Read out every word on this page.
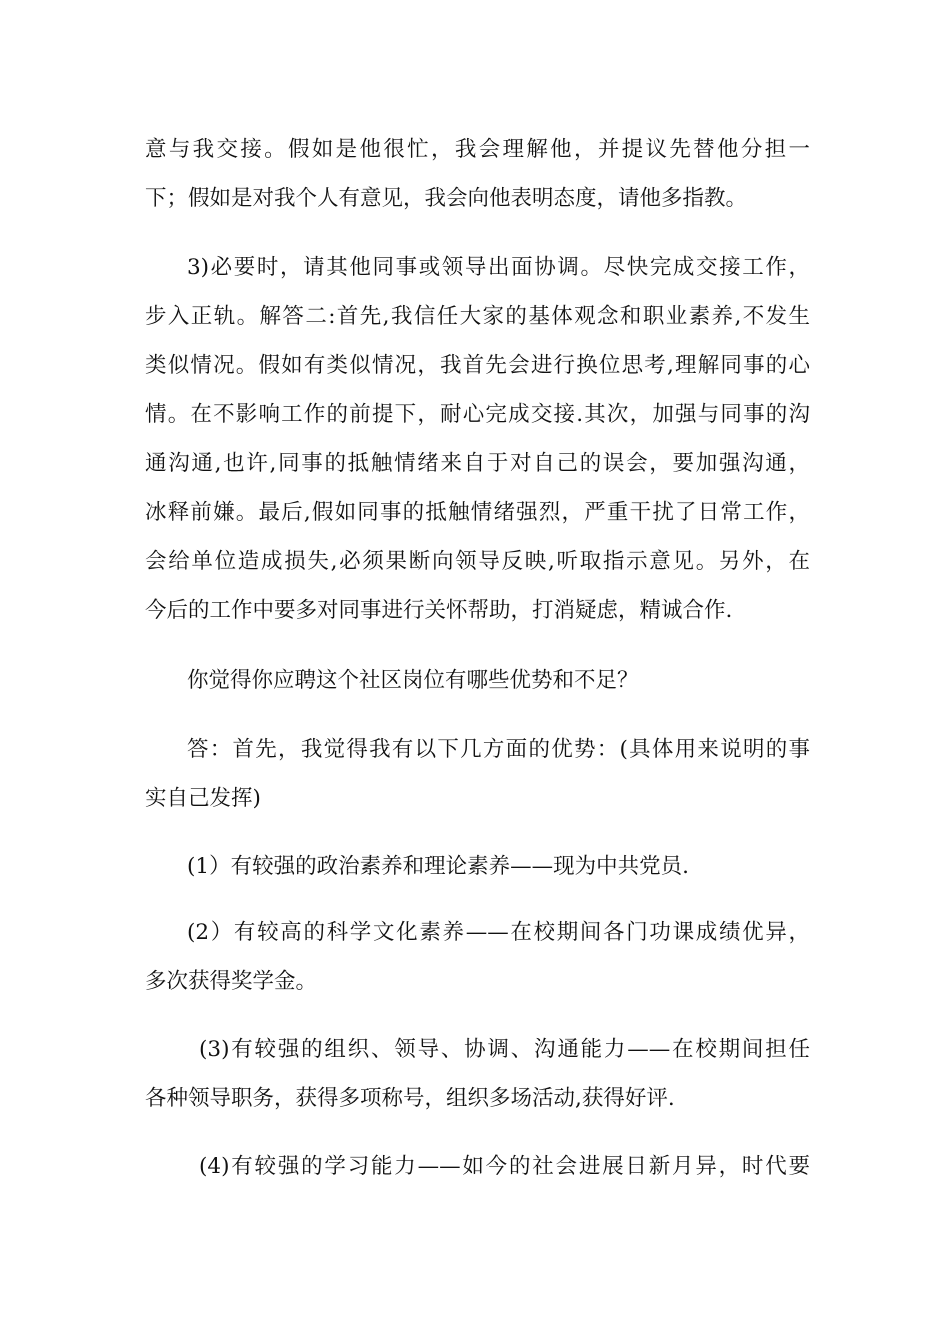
意与我交接。假如是他很忙，我会理解他，并提议先替他分担一
下；假如是对我个人有意见，我会向他表明态度，请他多指教。
3)必要时，请其他同事或领导出面协调。尽快完成交接工作，
步入正轨。解答二:首先,我信任大家的基体观念和职业素养,不发生
类似情况。假如有类似情况，我首先会进行换位思考,理解同事的心
情。在不影响工作的前提下，耐心完成交接.其次，加强与同事的沟
通沟通,也许,同事的抵触情绪来自于对自己的误会，要加强沟通，
冰释前嫌。最后,假如同事的抵触情绪强烈，严重干扰了日常工作，
会给单位造成损失,必须果断向领导反映,听取指示意见。另外，在
今后的工作中要多对同事进行关怀帮助，打消疑虑，精诚合作.
你觉得你应聘这个社区岗位有哪些优势和不足？
答：首先，我觉得我有以下几方面的优势：(具体用来说明的事
实自己发挥)
(1）有较强的政治素养和理论素养——现为中共党员.
(2）有较高的科学文化素养——在校期间各门功课成绩优异，
多次获得奖学金。
(3)有较强的组织、领导、协调、沟通能力——在校期间担任
各种领导职务，获得多项称号，组织多场活动,获得好评.
(4)有较强的学习能力——如今的社会进展日新月异，时代要
